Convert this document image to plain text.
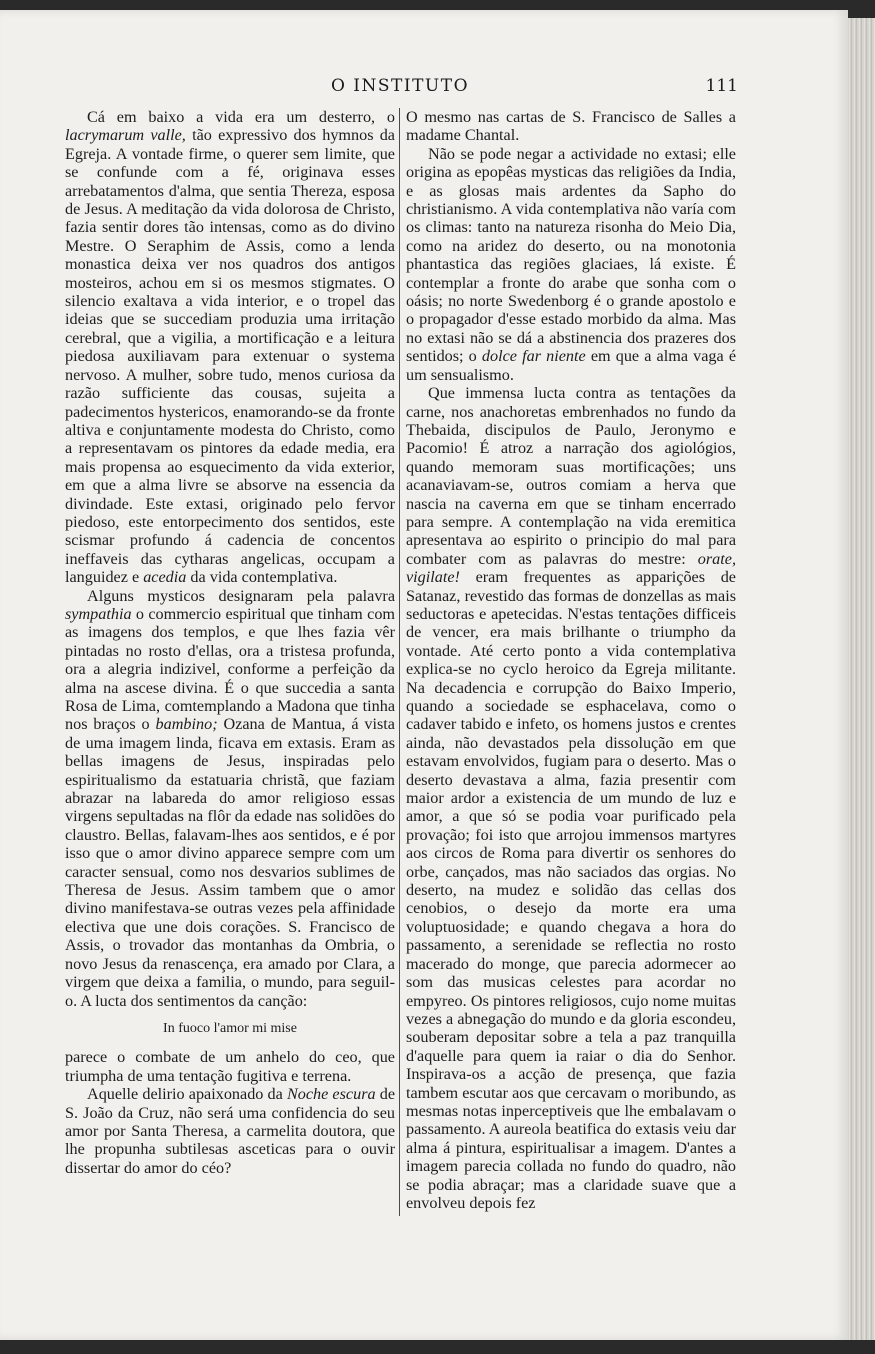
O INSTITUTO	111

Cá em baixo a vida era um desterro, o lacrymarum valle, tão expressivo dos hymnos da Egreja. A vontade firme, o querer sem limite, que se confunde com a fé, originava esses arrebatamentos d'alma, que sentia Thereza, esposa de Jesus. A meditação da vida dolorosa de Christo, fazia sentir dores tão intensas, como as do divino Mestre. O Seraphim de Assis, como a lenda monastica deixa ver nos quadros dos antigos mosteiros, achou em si os mesmos stigmates. O silencio exaltava a vida interior, e o tropel das ideias que se succediam produzia uma irritação cerebral, que a vigilia, a mortificação e a leitura piedosa auxiliavam para extenuar o systema nervoso. A mulher, sobre tudo, menos curiosa da razão sufficiente das cousas, sujeita a padecimentos hystericos, enamorando-se da fronte altiva e conjuntamente modesta do Christo, como a representavam os pintores da edade media, era mais propensa ao esquecimento da vida exterior, em que a alma livre se absorve na essencia da divindade. Este extasi, originado pelo fervor piedoso, este entorpecimento dos sentidos, este scismar profundo á cadencia de concentos ineffaveis das cytharas angelicas, occupam a languidez e acedia da vida contemplativa.

Alguns mysticos designaram pela palavra sympathia o commercio espiritual que tinham com as imagens dos templos, e que lhes fazia vêr pintadas no rosto d'ellas, ora a tristesa profunda, ora a alegria indizivel, conforme a perfeição da alma na ascese divina. É o que succedia a santa Rosa de Lima, comtemplando a Madona que tinha nos braços o bambino; Ozana de Mantua, á vista de uma imagem linda, ficava em extasis. Eram as bellas imagens de Jesus, inspiradas pelo espiritualismo da estatuaria christã, que faziam abrazar na labareda do amor religioso essas virgens sepultadas na flôr da edade nas solidões do claustro. Bellas, falavam-lhes aos sentidos, e é por isso que o amor divino apparece sempre com um caracter sensual, como nos desvarios sublimes de Theresa de Jesus. Assim tambem que o amor divino manifestava-se outras vezes pela affinidade electiva que une dois corações. S. Francisco de Assis, o trovador das montanhas da Ombria, o novo Jesus da renascença, era amado por Clara, a virgem que deixa a familia, o mundo, para seguil-o. A lucta dos sentimentos da canção:

In fuoco l'amor mi mise

parece o combate de um anhelo do ceo, que triumpha de uma tentação fugitiva e terrena.

Aquelle delirio apaixonado da Noche escura de S. João da Cruz, não será uma confidencia do seu amor por Santa Theresa, a carmelita doutora, que lhe propunha subtilesas asceticas para o ouvir dissertar do amor do céo?

O mesmo nas cartas de S. Francisco de Salles a madame Chantal.

Não se pode negar a actividade no extasi; elle origina as epopêas mysticas das religiões da India, e as glosas mais ardentes da Sapho do christianismo. A vida contemplativa não varía com os climas: tanto na natureza risonha do Meio Dia, como na aridez do deserto, ou na monotonia phantastica das regiões glaciaes, lá existe. É contemplar a fronte do arabe que sonha com o oásis; no norte Swedenborg é o grande apostolo e o propagador d'esse estado morbido da alma. Mas no extasi não se dá a abstinencia dos prazeres dos sentidos; o dolce far niente em que a alma vaga é um sensualismo.

Que immensa lucta contra as tentações da carne, nos anachoretas embrenhados no fundo da Thebaida, discipulos de Paulo, Jeronymo e Pacomio! É atroz a narração dos agiológios, quando memoram suas mortificações; uns acanaviavam-se, outros comiam a herva que nascia na caverna em que se tinham encerrado para sempre. A contemplação na vida eremitica apresentava ao espirito o principio do mal para combater com as palavras do mestre: orate, vigilate! eram frequentes as apparições de Satanaz, revestido das formas de donzellas as mais seductoras e apetecidas. N'estas tentações difficeis de vencer, era mais brilhante o triumpho da vontade. Até certo ponto a vida contemplativa explica-se no cyclo heroico da Egreja militante. Na decadencia e corrupção do Baixo Imperio, quando a sociedade se esphacelava, como o cadaver tabido e infeto, os homens justos e crentes ainda, não devastados pela dissolução em que estavam envolvidos, fugiam para o deserto. Mas o deserto devastava a alma, fazia presentir com maior ardor a existencia de um mundo de luz e amor, a que só se podia voar purificado pela provação; foi isto que arrojou immensos martyres aos circos de Roma para divertir os senhores do orbe, cançados, mas não saciados das orgias. No deserto, na mudez e solidão das cellas dos cenobios, o desejo da morte era uma voluptuosidade; e quando chegava a hora do passamento, a serenidade se reflectia no rosto macerado do monge, que parecia adormecer ao som das musicas celestes para acordar no empyreo. Os pintores religiosos, cujo nome muitas vezes a abnegação do mundo e da gloria escondeu, souberam depositar sobre a tela a paz tranquilla d'aquelle para quem ia raiar o dia do Senhor. Inspirava-os a acção de presença, que fazia tambem escutar aos que cercavam o moribundo, as mesmas notas inperceptiveis que lhe embalavam o passamento. A aureola beatifica do extasis veiu dar alma á pintura, espiritualisar a imagem. D'antes a imagem parecia collada no fundo do quadro, não se podia abraçar; mas a claridade suave que a envolveu depois fez
